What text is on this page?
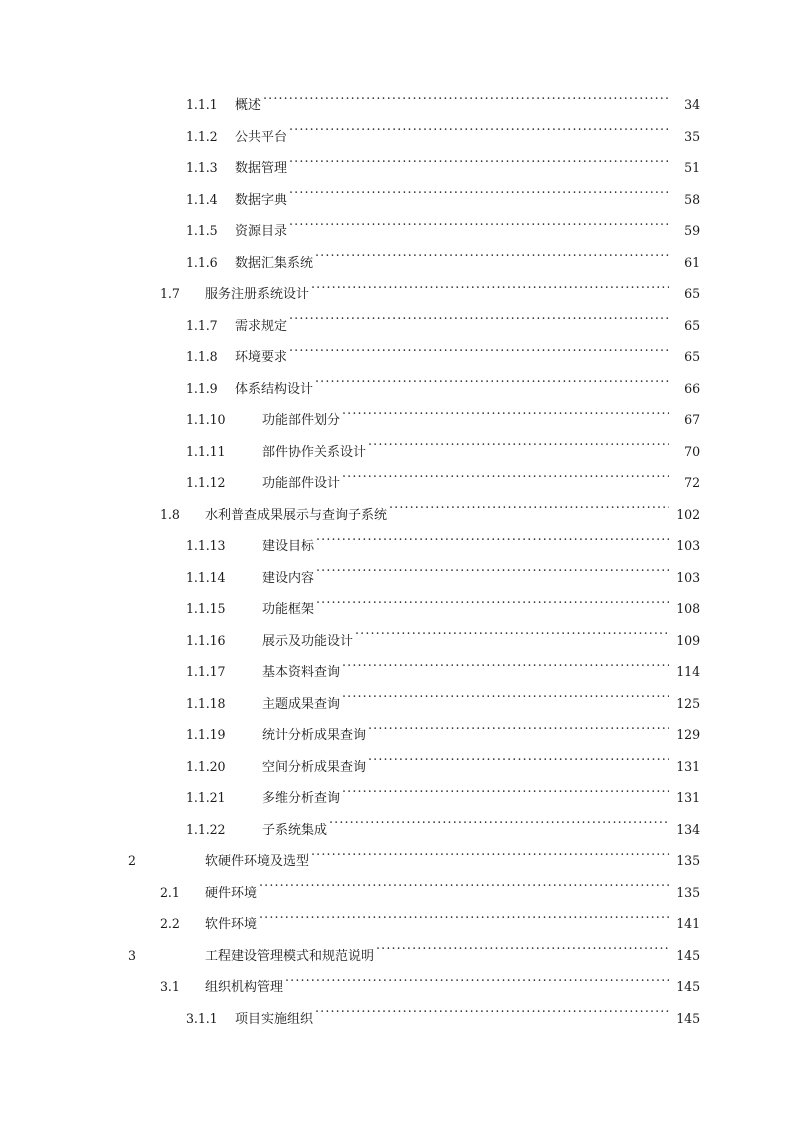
1.1.1	概述 .....	34
1.1.2	公共平台 .....	35
1.1.3	数据管理 .....	51
1.1.4	数据字典 .....	58
1.1.5	资源目录 .....	59
1.1.6	数据汇集系统 .....	61
1.7	服务注册系统设计 .....	65
1.1.7	需求规定 .....	65
1.1.8	环境要求 .....	65
1.1.9	体系结构设计 .....	66
1.1.10	功能部件划分 .....	67
1.1.11	部件协作关系设计 .....	70
1.1.12	功能部件设计 .....	72
1.8	水利普查成果展示与查询子系统 .....	102
1.1.13	建设目标 .....	103
1.1.14	建设内容 .....	103
1.1.15	功能框架 .....	108
1.1.16	展示及功能设计 .....	109
1.1.17	基本资料查询 .....	114
1.1.18	主题成果查询 .....	125
1.1.19	统计分析成果查询 .....	129
1.1.20	空间分析成果查询 .....	131
1.1.21	多维分析查询 .....	131
1.1.22	子系统集成 .....	134
2	软硬件环境及选型 .....	135
2.1	硬件环境 .....	135
2.2	软件环境 .....	141
3	工程建设管理模式和规范说明 .....	145
3.1	组织机构管理 .....	145
3.1.1	项目实施组织 .....	145
